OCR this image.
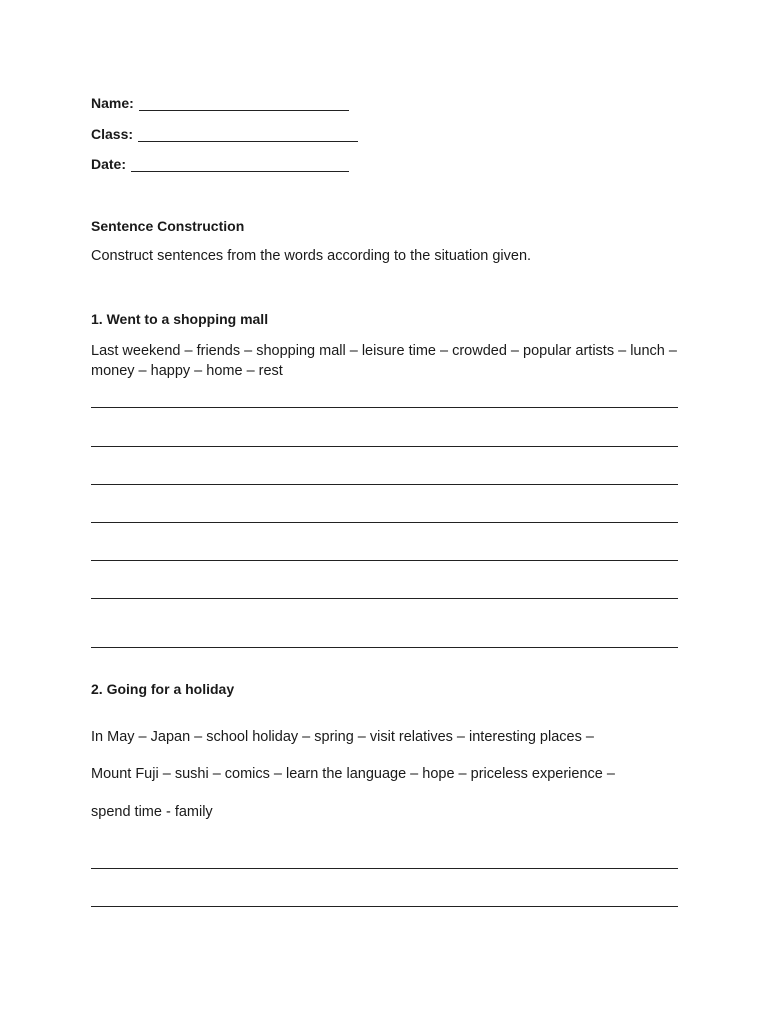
Name:
Class:
Date:
Sentence Construction
Construct sentences from the words according to the situation given.
1. Went to a shopping mall
Last weekend – friends – shopping mall – leisure time – crowded – popular artists – lunch – money – happy – home – rest
2. Going for a holiday
In May – Japan – school holiday – spring – visit relatives – interesting places –
Mount Fuji – sushi – comics – learn the language – hope – priceless experience –
spend time - family
